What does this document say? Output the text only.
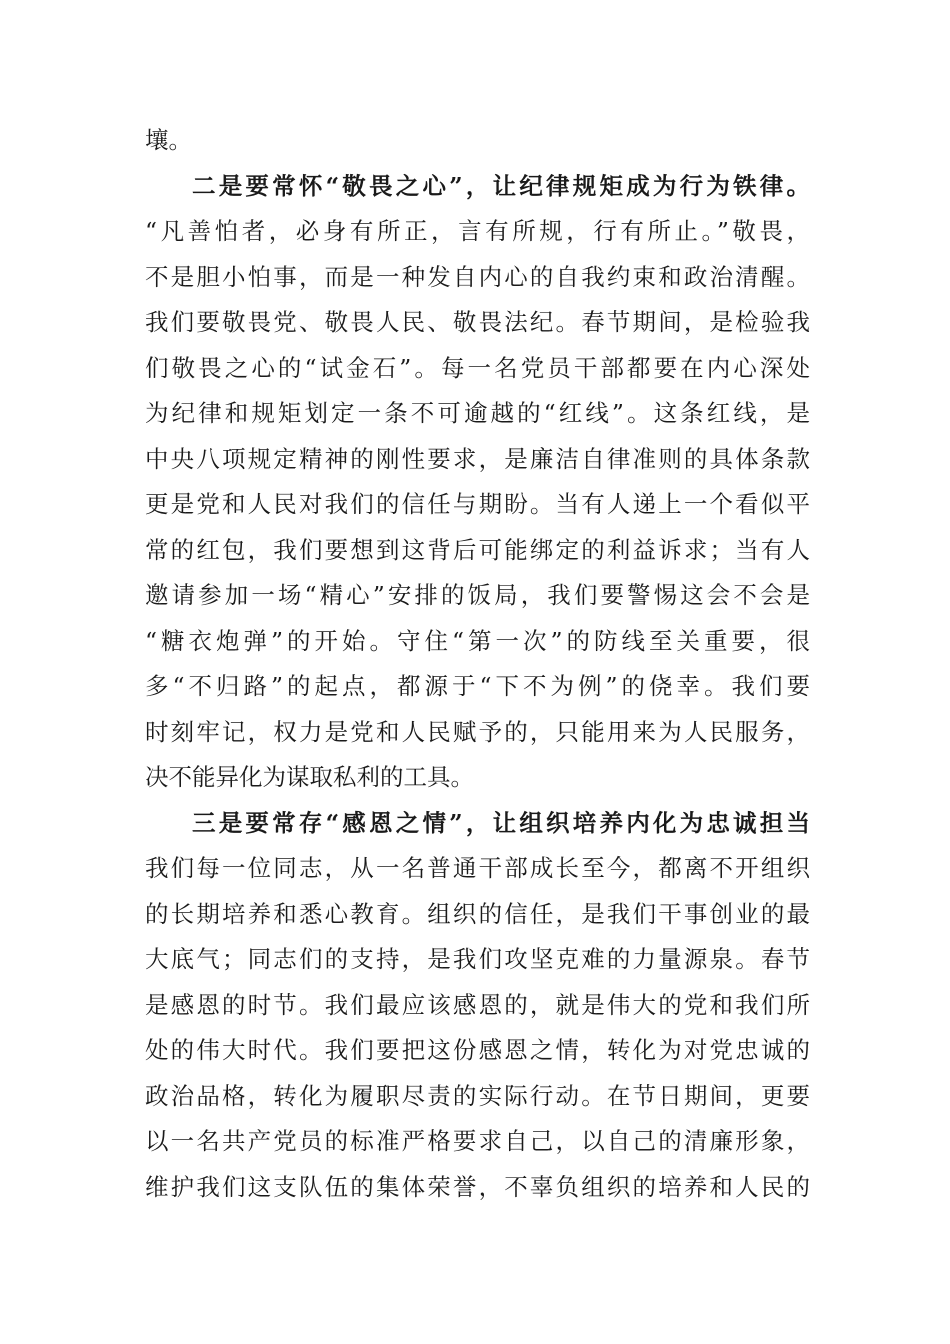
壤。
二是要常怀“敬畏之心”，让纪律规矩成为行为铁律。
“凡善怕者，必身有所正，言有所规，行有所止。”敬畏，
不是胆小怕事，而是一种发自内心的自我约束和政治清醒。
我们要敬畏党、敬畏人民、敬畏法纪。春节期间，是检验我
们敬畏之心的“试金石”。每一名党员干部都要在内心深处
为纪律和规矩划定一条不可逾越的“红线”。这条红线，是
中央八项规定精神的刚性要求，是廉洁自律准则的具体条款
更是党和人民对我们的信任与期盼。当有人递上一个看似平
常的红包，我们要想到这背后可能绑定的利益诉求；当有人
邀请参加一场“精心”安排的饭局，我们要警惕这会不会是
“糖衣炮弹”的开始。守住“第一次”的防线至关重要，很
多“不归路”的起点，都源于“下不为例”的侥幸。我们要
时刻牢记，权力是党和人民赋予的，只能用来为人民服务，
决不能异化为谋取私利的工具。
三是要常存“感恩之情”，让组织培养内化为忠诚担当
我们每一位同志，从一名普通干部成长至今，都离不开组织
的长期培养和悉心教育。组织的信任，是我们干事创业的最
大底气；同志们的支持，是我们攻坚克难的力量源泉。春节
是感恩的时节。我们最应该感恩的，就是伟大的党和我们所
处的伟大时代。我们要把这份感恩之情，转化为对党忠诚的
政治品格，转化为履职尽责的实际行动。在节日期间，更要
以一名共产党员的标准严格要求自己，以自己的清廉形象，
维护我们这支队伍的集体荣誉，不辜负组织的培养和人民的
